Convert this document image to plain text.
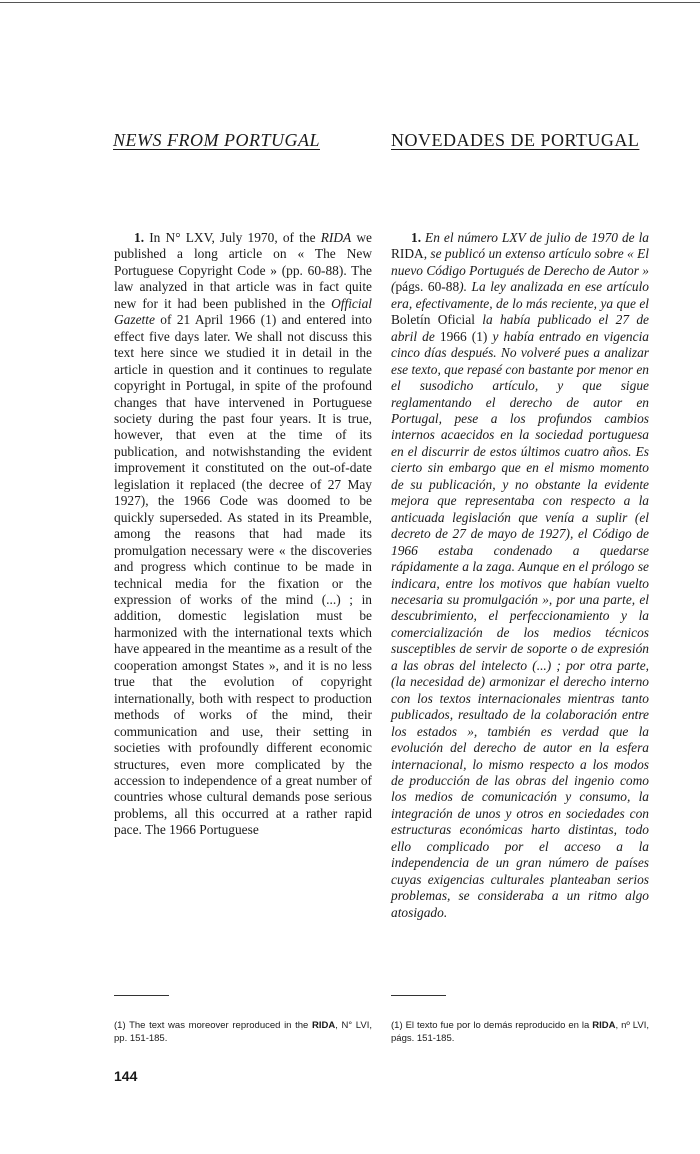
NEWS FROM PORTUGAL	NOVEDADES DE PORTUGAL

1. In N° LXV, July 1970, of the RIDA we published a long article on « The New Portuguese Copyright Code » (pp. 60-88). The law analyzed in that article was in fact quite new for it had been published in the Official Gazette of 21 April 1966 (1) and entered into effect five days later. We shall not discuss this text here since we studied it in detail in the article in question and it continues to regulate copyright in Portugal, in spite of the profound changes that have intervened in Portuguese society during the past four years. It is true, however, that even at the time of its publication, and notwishstanding the evident improvement it constituted on the out-of-date legislation it replaced (the decree of 27 May 1927), the 1966 Code was doomed to be quickly superseded. As stated in its Preamble, among the reasons that had made its promulgation necessary were « the discoveries and progress which continue to be made in technical media for the fixation or the expression of works of the mind (...) ; in addition, domestic legislation must be harmonized with the international texts which have appeared in the meantime as a result of the cooperation amongst States », and it is no less true that the evolution of copyright internationally, both with respect to production methods of works of the mind, their communication and use, their setting in societies with profoundly different economic structures, even more complicated by the accession to independence of a great number of countries whose cultural demands pose serious problems, all this occurred at a rather rapid pace. The 1966 Portuguese

1. En el número LXV de julio de 1970 de la RIDA, se publicó un extenso artículo sobre « El nuevo Código Portugués de Derecho de Autor » (págs. 60-88). La ley analizada en ese artículo era, efectivamente, de lo más reciente, ya que el Boletín Oficial la había publicado el 27 de abril de 1966 (1) y había entrado en vigencia cinco días después. No volveré pues a analizar ese texto, que repasé con bastante por menor en el susodicho artículo, y que sigue reglamentando el derecho de autor en Portugal, pese a los profundos cambios internos acaecidos en la sociedad portuguesa en el discurrir de estos últimos cuatro años. Es cierto sin embargo que en el mismo momento de su publicación, y no obstante la evidente mejora que representaba con respecto a la anticuada legislación que venía a suplir (el decreto de 27 de mayo de 1927), el Código de 1966 estaba condenado a quedarse rápidamente a la zaga. Aunque en el prólogo se indicara, entre los motivos que habían vuelto necesaria su promulgación », por una parte, el descubrimiento, el perfeccionamiento y la comercialización de los medios técnicos susceptibles de servir de soporte o de expresión a las obras del intelecto (...) ; por otra parte, (la necesidad de) armonizar el derecho interno con los textos internacionales mientras tanto publicados, resultado de la colaboración entre los estados », también es verdad que la evolución del derecho de autor en la esfera internacional, lo mismo respecto a los modos de producción de las obras del ingenio como los medios de comunicación y consumo, la integración de unos y otros en sociedades con estructuras económicas harto distintas, todo ello complicado por el acceso a la independencia de un gran número de países cuyas exigencias culturales planteaban serios problemas, se consideraba a un ritmo algo atosigado.

(1) The text was moreover reproduced in the RIDA, N° LVI, pp. 151-185.
(1) El texto fue por lo demás reproducido en la RIDA, nº LVI, págs. 151-185.
144
